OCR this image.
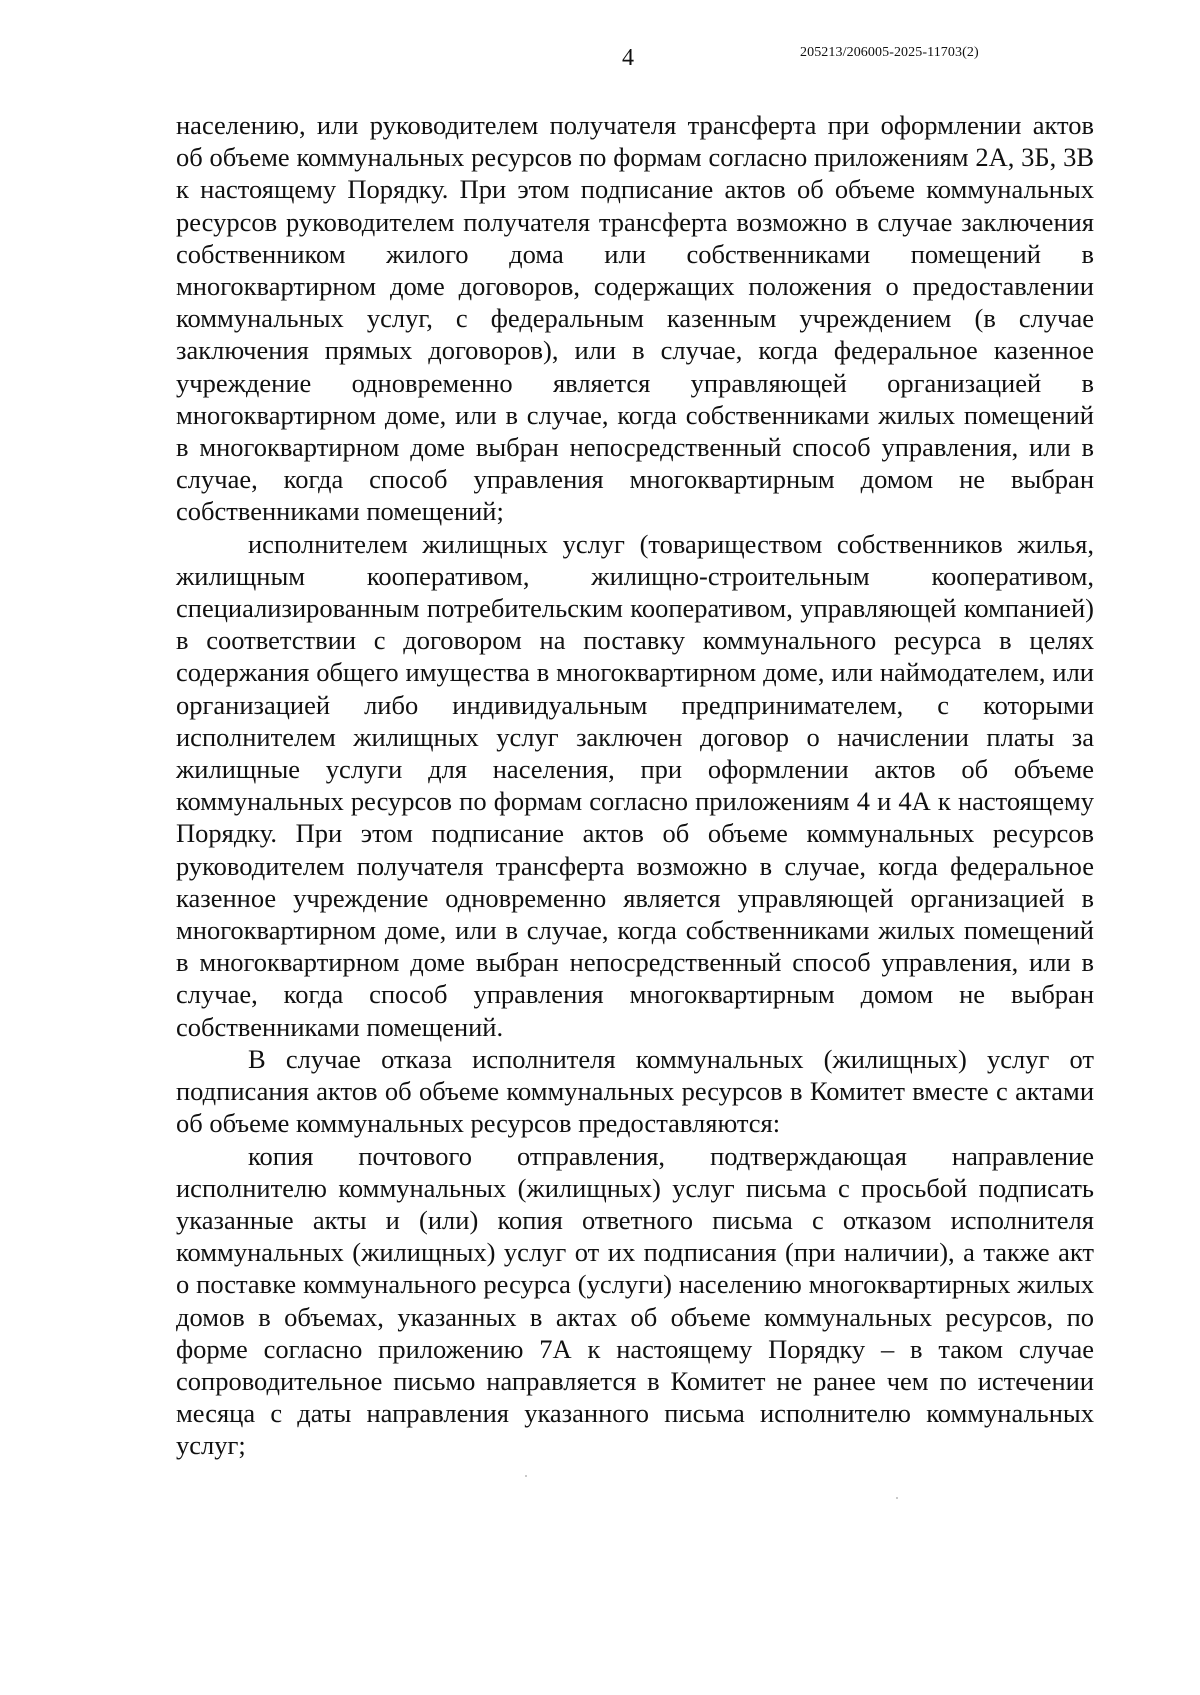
4	205213/206005-2025-11703(2)

населению, или руководителем получателя трансферта при оформлении актов об объеме коммунальных ресурсов по формам согласно приложениям 2А, 3Б, 3В к настоящему Порядку. При этом подписание актов об объеме коммунальных ресурсов руководителем получателя трансферта возможно в случае заключения собственником жилого дома или собственниками помещений в многоквартирном доме договоров, содержащих положения о предоставлении коммунальных услуг, с федеральным казенным учреждением (в случае заключения прямых договоров), или в случае, когда федеральное казенное учреждение одновременно является управляющей организацией в многоквартирном доме, или в случае, когда собственниками жилых помещений в многоквартирном доме выбран непосредственный способ управления, или в случае, когда способ управления многоквартирным домом не выбран собственниками помещений;

исполнителем жилищных услуг (товариществом собственников жилья, жилищным кооперативом, жилищно-строительным кооперативом, специализированным потребительским кооперативом, управляющей компанией) в соответствии с договором на поставку коммунального ресурса в целях содержания общего имущества в многоквартирном доме, или наймодателем, или организацией либо индивидуальным предпринимателем, с которыми исполнителем жилищных услуг заключен договор о начислении платы за жилищные услуги для населения, при оформлении актов об объеме коммунальных ресурсов по формам согласно приложениям 4 и 4А к настоящему Порядку. При этом подписание актов об объеме коммунальных ресурсов руководителем получателя трансферта возможно в случае, когда федеральное казенное учреждение одновременно является управляющей организацией в многоквартирном доме, или в случае, когда собственниками жилых помещений в многоквартирном доме выбран непосредственный способ управления, или в случае, когда способ управления многоквартирным домом не выбран собственниками помещений.

В случае отказа исполнителя коммунальных (жилищных) услуг от подписания актов об объеме коммунальных ресурсов в Комитет вместе с актами об объеме коммунальных ресурсов предоставляются:

копия почтового отправления, подтверждающая направление исполнителю коммунальных (жилищных) услуг письма с просьбой подписать указанные акты и (или) копия ответного письма с отказом исполнителя коммунальных (жилищных) услуг от их подписания (при наличии), а также акт о поставке коммунального ресурса (услуги) населению многоквартирных жилых домов в объемах, указанных в актах об объеме коммунальных ресурсов, по форме согласно приложению 7А к настоящему Порядку – в таком случае сопроводительное письмо направляется в Комитет не ранее чем по истечении месяца с даты направления указанного письма исполнителю коммунальных услуг;
